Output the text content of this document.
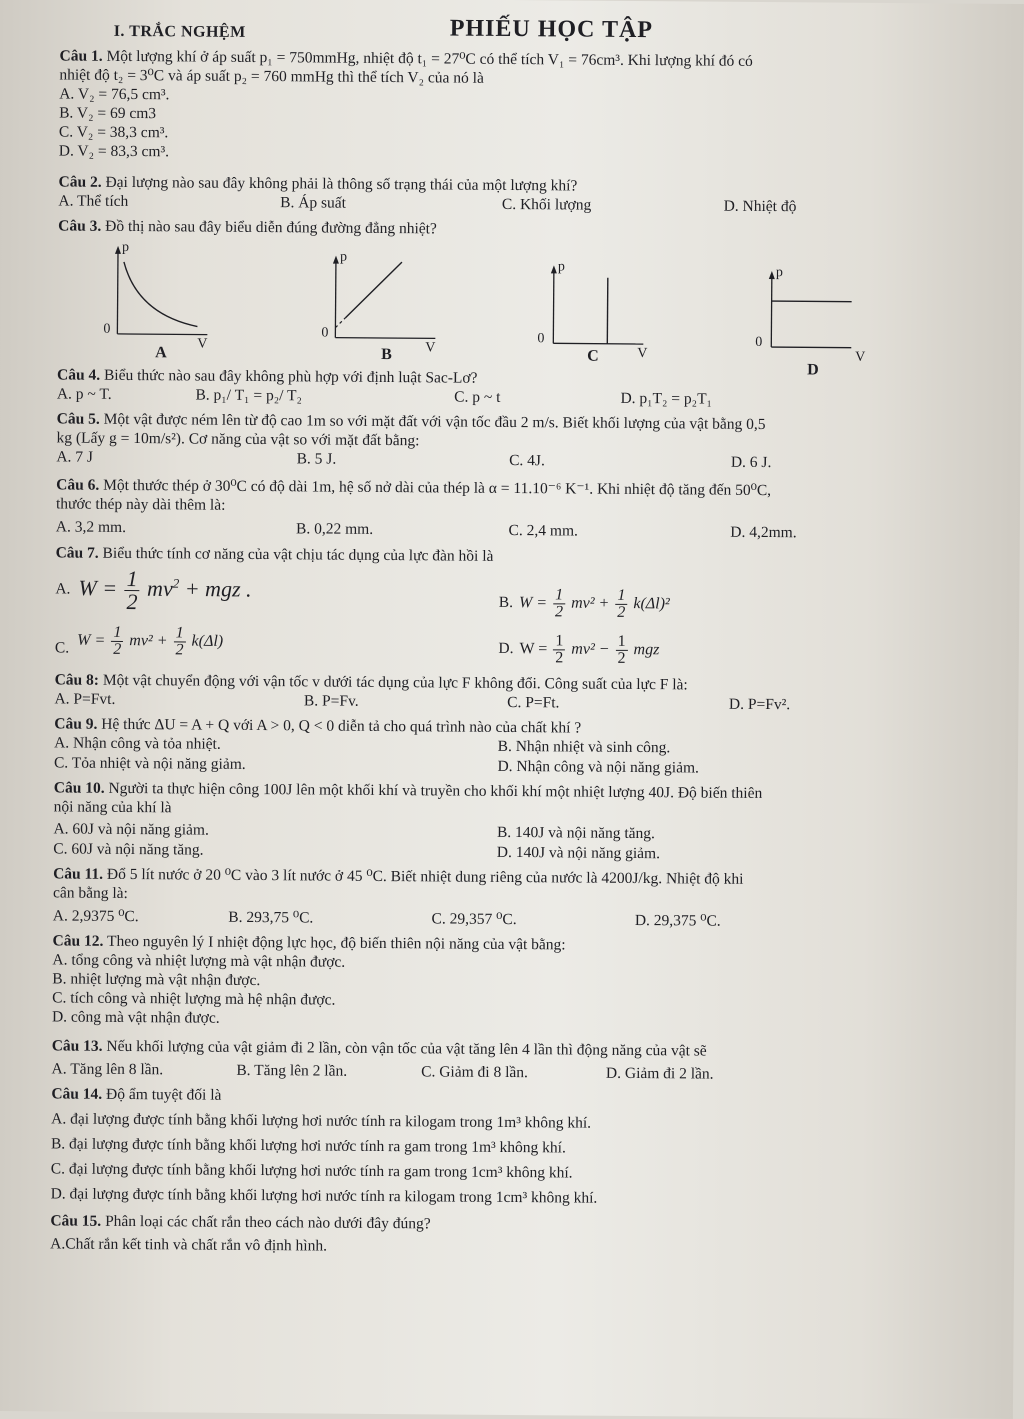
I. TRẮC NGHỆM	PHIẾU HỌC TẬP
Câu 1. Một lượng khí ở áp suất p₁ = 750mmHg, nhiệt độ t₁ = 27⁰C có thể tích V₁ = 76cm³. Khi lượng khí đó có
nhiệt độ t₂ = 3⁰C và áp suất p₂ = 760 mmHg thì thể tích V₂ của nó là
A. V₂ = 76,5 cm³.
B. V₂ = 69 cm3
C. V₂ = 38,3 cm³.
D. V₂ = 83,3 cm³.
Câu 2. Đại lượng nào sau đây không phải là thông số trạng thái của một lượng khí?
A. Thể tích	B. Áp suất	C. Khối lượng	D. Nhiệt độ
Câu 3. Đồ thị nào sau đây biểu diễn đúng đường đẳng nhiệt?
p
0
V
A
p
0
V
B
p
0
V
C
p
0
V
D
Câu 4. Biểu thức nào sau đây không phù hợp với định luật Sac-Lơ?
A. p ~ T.	B. p₁/ T₁ = p₂/ T₂	C. p ~ t	D. p₁T₂ = p₂T₁
Câu 5. Một vật được ném lên từ độ cao 1m so với mặt đất với vận tốc đầu 2 m/s. Biết khối lượng của vật bằng 0,5
kg (Lấy g = 10m/s²). Cơ năng của vật so với mặt đất bằng:
A. 7 J	B. 5 J.	C. 4J.	D. 6 J.
Câu 6. Một thước thép ở 30⁰C có độ dài 1m, hệ số nở dài của thép là α = 11.10⁻⁶ K⁻¹. Khi nhiệt độ tăng đến 50⁰C,
thước thép này dài thêm là:
A. 3,2 mm.	B. 0,22 mm.	C. 2,4 mm.	D. 4,2mm.
Câu 7. Biểu thức tính cơ năng của vật chịu tác dụng của lực đàn hồi là
A. $W = \frac{1}{2} mv^2$ + mgz .
B. $W = \frac{1}{2} mv^2 + \frac{1}{2} k(\Delta l)^2$
C. $W = \frac{1}{2} mv^2 + \frac{1}{2} k(\Delta l)$	D. $W = \frac{1}{2} mv^2 - \frac{1}{2}$ mgz
Câu 8: Một vật chuyển động với vận tốc v dưới tác dụng của lực F không đổi. Công suất của lực F là:
A. P=Fvt.	B. P=Fv.	C. P=Ft.	D. P=Fv².
Câu 9. Hệ thức ΔU = A + Q với A > 0, Q < 0 diễn tả cho quá trình nào của chất khí ?
A. Nhận công và tỏa nhiệt.	B. Nhận nhiệt và sinh công.
C. Tỏa nhiệt và nội năng giảm.	D. Nhận công và nội năng giảm.
Câu 10. Người ta thực hiện công 100J lên một khối khí và truyền cho khối khí một nhiệt lượng 40J. Độ biến thiên
nội năng của khí là
A. 60J và nội năng giảm.	B. 140J và nội năng tăng.
C. 60J và nội năng tăng.	D. 140J và nội năng giảm.
Câu 11. Đổ 5 lít nước ở 20 ⁰C vào 3 lít nước ở 45 ⁰C. Biết nhiệt dung riêng của nước là 4200J/kg. Nhiệt độ khi
cân bằng là:
A. 2,9375 ⁰C.	B. 293,75 ⁰C.	C. 29,357 ⁰C.	D. 29,375 ⁰C.
Câu 12. Theo nguyên lý I nhiệt động lực học, độ biến thiên nội năng của vật bằng:
A. tổng công và nhiệt lượng mà vật nhận được.
B. nhiệt lượng mà vật nhận được.
C. tích công và nhiệt lượng mà hệ nhận được.
D. công mà vật nhận được.
Câu 13. Nếu khối lượng của vật giảm đi 2 lần, còn vận tốc của vật tăng lên 4 lần thì động năng của vật sẽ
A. Tăng lên 8 lần.	B. Tăng lên 2 lần.	C. Giảm đi 8 lần.	D. Giảm đi 2 lần.
Câu 14. Độ ẩm tuyệt đối là
A. đại lượng được tính bằng khối lượng hơi nước tính ra kilogam trong 1m³ không khí.
B. đại lượng được tính bằng khối lượng hơi nước tính ra gam trong 1m³ không khí.
C. đại lượng được tính bằng khối lượng hơi nước tính ra gam trong 1cm³ không khí.
D. đại lượng được tính bằng khối lượng hơi nước tính ra kilogam trong 1cm³ không khí.
Câu 15. Phân loại các chất rắn theo cách nào dưới đây đúng?
A.Chất rắn kết tinh và chất rắn vô định hình.
